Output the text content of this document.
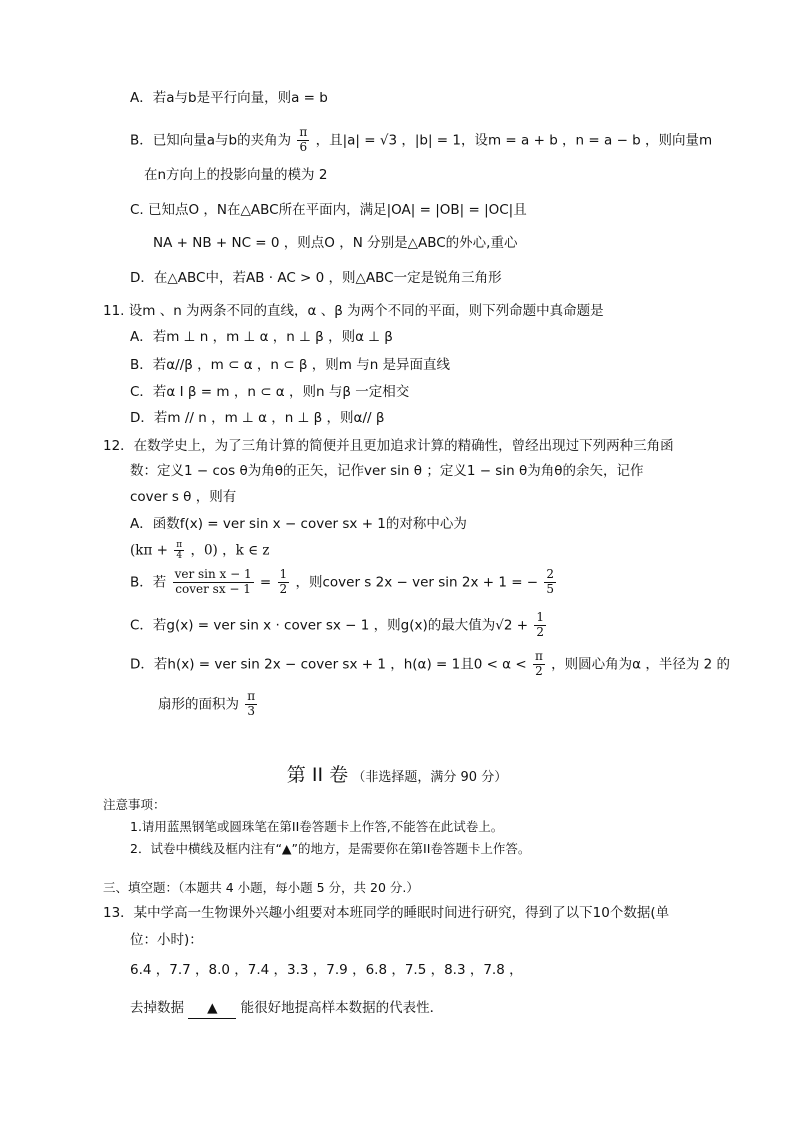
A．若a与b是平行向量，则a = b
B．已知向量a与b的夹角为 $\frac{\pi}{6}$ ，且|a| = √3 ，|b| = 1，设m = a + b ，n = a − b ，则向量m
在n方向上的投影向量的模为 2
C. 已知点O ，N在△ABC所在平面内，满足|OA| = |OB| = |OC|且
NA + NB + NC = 0 ，则点O ，N 分别是△ABC的外心,重心
D．在△ABC中，若AB · AC > 0 ，则△ABC一定是锐角三角形
11. 设m 、n 为两条不同的直线，α 、β 为两个不同的平面，则下列命题中真命题是
A．若m ⊥ n ，m ⊥ α ，n ⊥ β ，则α ⊥ β
B．若α//β ，m ⊂ α ，n ⊂ β ，则m 与n 是异面直线
C．若α I β = m ，n ⊂ α ，则n 与β 一定相交
D．若m // n ，m ⊥ α ，n ⊥ β ，则α// β
12．在数学史上，为了三角计算的简便并且更加追求计算的精确性，曾经出现过下列两种三角函
数：定义1 − cos θ为角θ的正矢，记作ver sin θ ；定义1 − sin θ为角θ的余矢，记作
cover s θ ，则有
A．函数f(x) = ver sin x − cover sx + 1的对称中心为
($k\pi + \frac{\pi}{4}$ ，0) ，k ∈ z
B．若 $\frac{\text{ver sin x − 1}}{\text{cover sx − 1}} = \frac{1}{2}$ ，则cover s 2x − ver sin 2x + 1 = − $\frac{2}{5}$
C．若g(x) = ver sin x · cover sx − 1 ，则g(x)的最大值为$√2 + \frac{1}{2}$
D．若h(x) = ver sin 2x − cover sx + 1 ，h(α) = 1且$0 < \alpha < \frac{\pi}{2}$ ，则圆心角为α ，半径为 2 的
扇形的面积为 $\frac{\pi}{3}$
第 II 卷 （非选择题，满分 90 分）
注意事项：
1.请用蓝黑钢笔或圆珠笔在第II卷答题卡上作答,不能答在此试卷上。
2．试卷中横线及框内注有“▲”的地方，是需要你在第II卷答题卡上作答。
三、填空题：（本题共 4 小题，每小题 5 分，共 20 分.）
13．某中学高一生物课外兴趣小组要对本班同学的睡眠时间进行研究，得到了以下10个数据(单
位：小时)：
6.4 ，7.7 ，8.0 ，7.4 ，3.3 ，7.9 ，6.8 ，7.5 ，8.3 ，7.8 ，
去掉数据 ▲ 能很好地提高样本数据的代表性．
